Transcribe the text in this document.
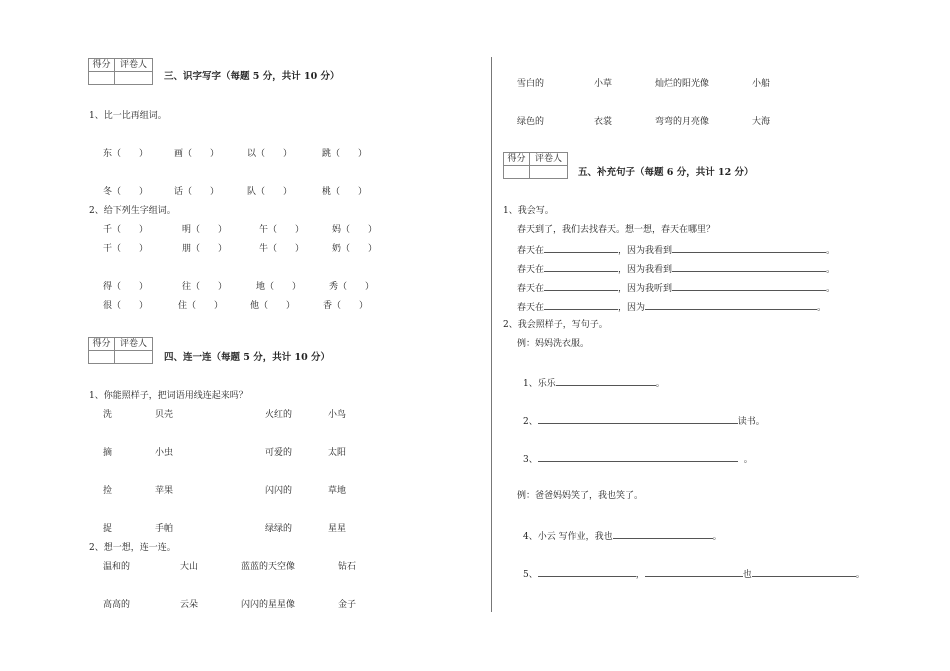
得分	评卷人
三、识字写字（每题 5 分，共计 10 分）
1、比一比再组词。
东（　　）	画（　　）	以（　　）	跳（　　）
冬（　　）	话（　　）	队（　　）	桃（　　）
2、给下列生字组词。
千（　　）	明（　　）	午（　　）	妈（　　）
干（　　）	朋（　　）	牛（　　）	奶（　　）
得（　　）	往（　　）	地（　　）	秀（　　）
很（　　）	住（　　）	他（　　）	香（　　）
得分	评卷人
四、连一连（每题 5 分，共计 10 分）
1、你能照样子，把词语用线连起来吗？
洗	贝壳	火红的	小鸟
摘	小虫	可爱的	太阳
捡	苹果	闪闪的	草地
捉	手帕	绿绿的	星星
2、想一想，连一连。
温和的	大山	蓝蓝的天空像	钻石
高高的	云朵	闪闪的星星像	金子
雪白的	小草	灿烂的阳光像	小船
绿色的	衣裳	弯弯的月亮像	大海
得分	评卷人
五、补充句子（每题 6 分，共计 12 分）
1、我会写。
春天到了，我们去找春天。想一想，春天在哪里？
春天在	，因为我看到	。
春天在	，因为我看到	。
春天在	，因为我听到	。
春天在	，因为	。
2、我会照样子，写句子。
例：妈妈洗衣服。
1、乐乐	。
2、	读书。
3、	。
例：爸爸妈妈笑了，我也笑了。
4、小云 写作业，我也	。
5、	，	也	。
